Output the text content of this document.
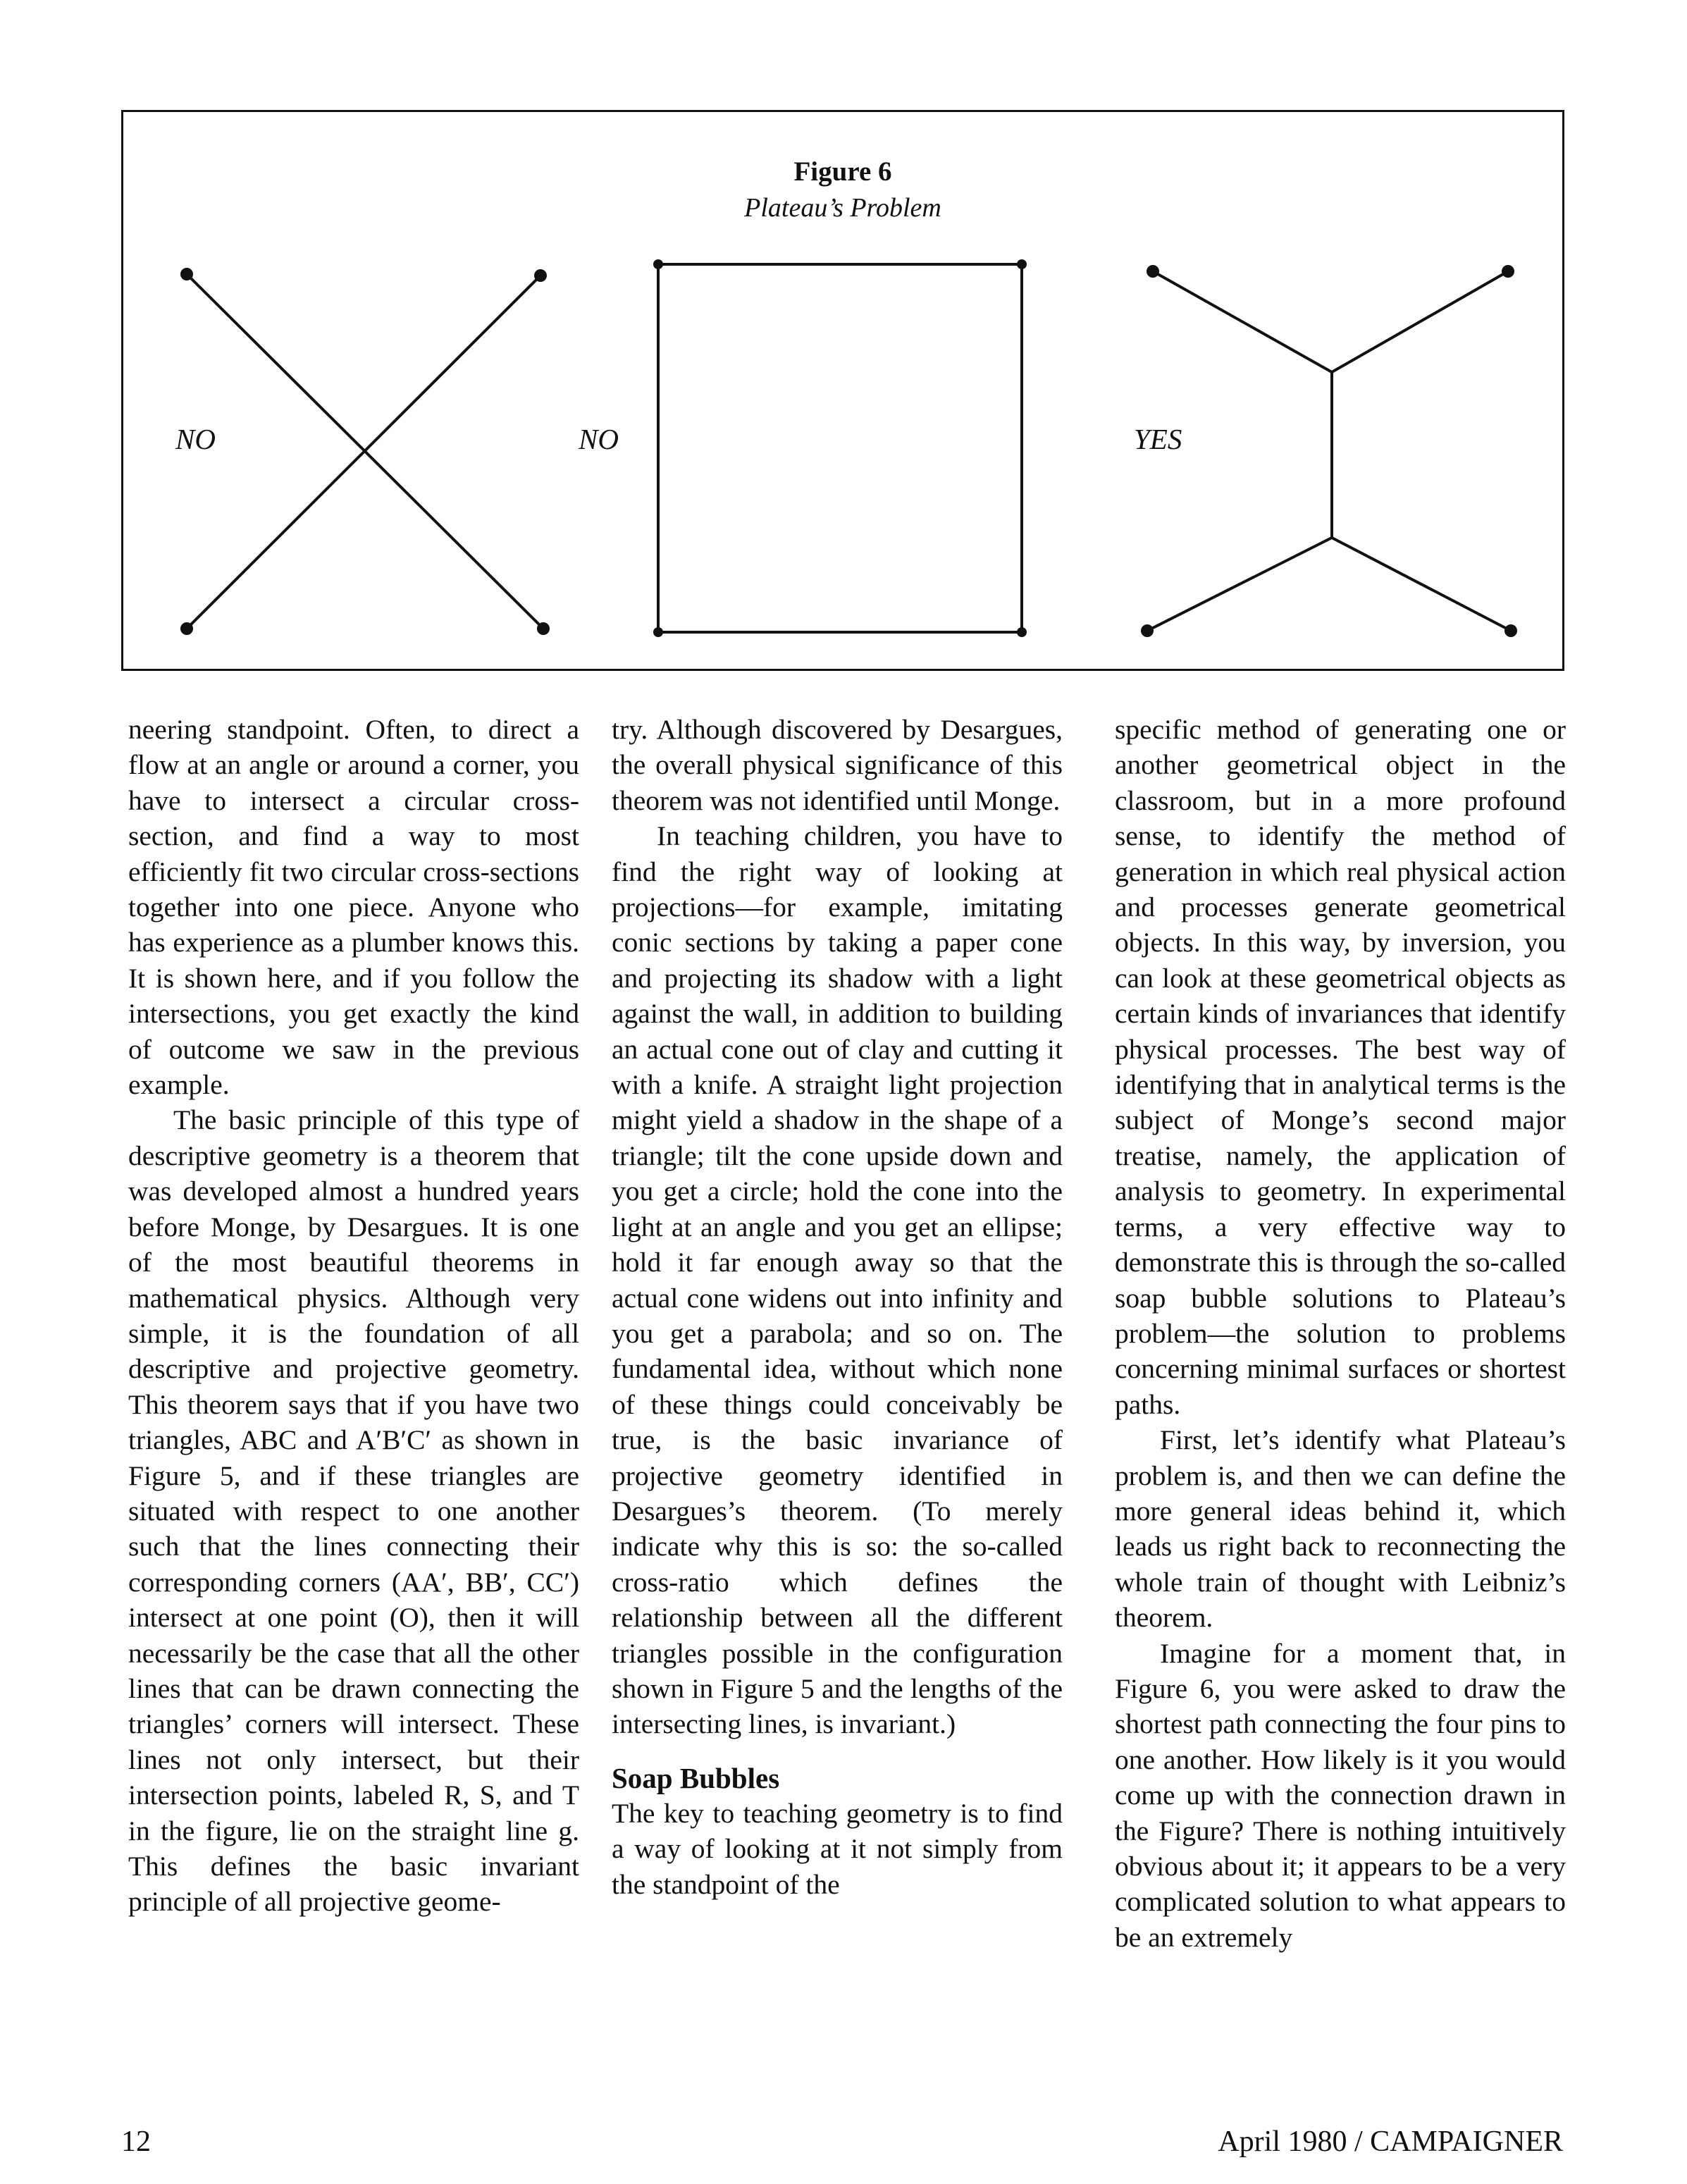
Figure 6
Plateau’s Problem
NO	NO	YES

neering standpoint. Often, to direct a flow at an angle or around a corner, you have to intersect a circular cross-section, and find a way to most efficiently fit two circular cross-sections together into one piece. Anyone who has experience as a plumber knows this. It is shown here, and if you follow the intersections, you get exactly the kind of outcome we saw in the previous example.

The basic principle of this type of descriptive geometry is a theorem that was developed almost a hundred years before Monge, by Desargues. It is one of the most beautiful theorems in mathematical physics. Although very simple, it is the foundation of all descriptive and projective geometry. This theorem says that if you have two triangles, ABC and A′B′C′ as shown in Figure 5, and if these triangles are situated with respect to one another such that the lines connecting their corresponding corners (AA′, BB′, CC′) intersect at one point (O), then it will necessarily be the case that all the other lines that can be drawn connecting the triangles’ corners will intersect. These lines not only intersect, but their intersection points, labeled R, S, and T in the figure, lie on the straight line g. This defines the basic invariant principle of all projective geome-

try. Although discovered by Desargues, the overall physical significance of this theorem was not identified until Monge.

In teaching children, you have to find the right way of looking at projections—for example, imitating conic sections by taking a paper cone and projecting its shadow with a light against the wall, in addition to building an actual cone out of clay and cutting it with a knife. A straight light projection might yield a shadow in the shape of a triangle; tilt the cone upside down and you get a circle; hold the cone into the light at an angle and you get an ellipse; hold it far enough away so that the actual cone widens out into infinity and you get a parabola; and so on. The fundamental idea, without which none of these things could conceivably be true, is the basic invariance of projective geometry identified in Desargues’s theorem. (To merely indicate why this is so: the so-called cross-ratio which defines the relationship between all the different triangles possible in the configuration shown in Figure 5 and the lengths of the intersecting lines, is invariant.)

Soap Bubbles

The key to teaching geometry is to find a way of looking at it not simply from the standpoint of the

specific method of generating one or another geometrical object in the classroom, but in a more profound sense, to identify the method of generation in which real physical action and processes generate geometrical objects. In this way, by inversion, you can look at these geometrical objects as certain kinds of invariances that identify physical processes. The best way of identifying that in analytical terms is the subject of Monge’s second major treatise, namely, the application of analysis to geometry. In experimental terms, a very effective way to demonstrate this is through the so-called soap bubble solutions to Plateau’s problem—the solution to problems concerning minimal surfaces or shortest paths.

First, let’s identify what Plateau’s problem is, and then we can define the more general ideas behind it, which leads us right back to reconnecting the whole train of thought with Leibniz’s theorem.

Imagine for a moment that, in Figure 6, you were asked to draw the shortest path connecting the four pins to one another. How likely is it you would come up with the connection drawn in the Figure? There is nothing intuitively obvious about it; it appears to be a very complicated solution to what appears to be an extremely

12	April 1980 / CAMPAIGNER
